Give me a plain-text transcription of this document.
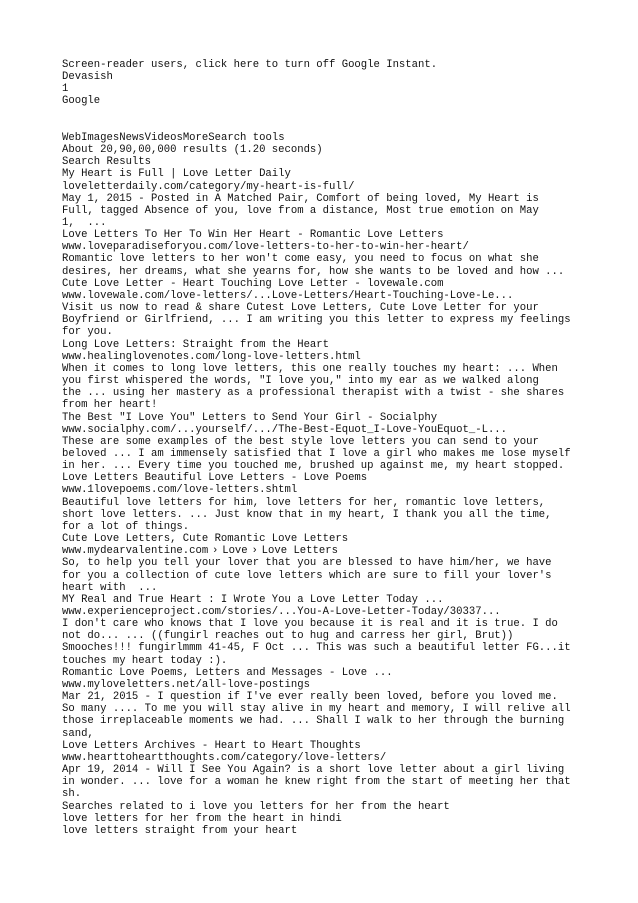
Screen-reader users, click here to turn off Google Instant.
Devasish
1
Google
WebImagesNewsVideosMoreSearch tools
About 20,90,00,000 results (1.20 seconds)
Search Results
My Heart is Full | Love Letter Daily
loveletterdaily.com/category/my-heart-is-full/
May 1, 2015 - Posted in A Matched Pair, Comfort of being loved, My Heart is
Full, tagged Absence of you, love from a distance, Most true emotion on May
1,  ...
Love Letters To Her To Win Her Heart - Romantic Love Letters
www.loveparadiseforyou.com/love-letters-to-her-to-win-her-heart/
Romantic love letters to her won't come easy, you need to focus on what she
desires, her dreams, what she yearns for, how she wants to be loved and how ...
Cute Love Letter - Heart Touching Love Letter - lovewale.com
www.lovewale.com/love-letters/...Love-Letters/Heart-Touching-Love-Le...
Visit us now to read & share Cutest Love Letters, Cute Love Letter for your
Boyfriend or Girlfriend, ... I am writing you this letter to express my feelings
for you.
Long Love Letters: Straight from the Heart
www.healinglovenotes.com/long-love-letters.html
When it comes to long love letters, this one really touches my heart: ... When
you first whispered the words, "I love you," into my ear as we walked along
the ... using her mastery as a professional therapist with a twist - she shares
from her heart!
The Best "I Love You" Letters to Send Your Girl - Socialphy
www.socialphy.com/...yourself/.../The-Best-Equot_I-Love-YouEquot_-L...
These are some examples of the best style love letters you can send to your
beloved ... I am immensely satisfied that I love a girl who makes me lose myself
in her. ... Every time you touched me, brushed up against me, my heart stopped.
Love Letters Beautiful Love Letters - Love Poems
www.1lovepoems.com/love-letters.shtml
Beautiful love letters for him, love letters for her, romantic love letters,
short love letters. ... Just know that in my heart, I thank you all the time,
for a lot of things.
Cute Love Letters, Cute Romantic Love Letters
www.mydearvalentine.com › Love › Love Letters
So, to help you tell your lover that you are blessed to have him/her, we have
for you a collection of cute love letters which are sure to fill your lover's
heart with  ...
MY Real and True Heart : I Wrote You a Love Letter Today ...
www.experienceproject.com/stories/...You-A-Love-Letter-Today/30337...
I don't care who knows that I love you because it is real and it is true. I do
not do... ... ((fungirl reaches out to hug and carress her girl, Brut))
Smooches!!! fungirlmmm 41-45, F Oct ... This was such a beautiful letter FG...it
touches my heart today :).
Romantic Love Poems, Letters and Messages - Love ...
www.myloveletters.net/all-love-postings
Mar 21, 2015 - I question if I've ever really been loved, before you loved me.
So many .... To me you will stay alive in my heart and memory, I will relive all
those irreplaceable moments we had. ... Shall I walk to her through the burning
sand,
Love Letters Archives - Heart to Heart Thoughts
www.hearttoheartthoughts.com/category/love-letters/
Apr 19, 2014 - Will I See You Again? is a short love letter about a girl living
in wonder. ... love for a woman he knew right from the start of meeting her that
sh.
Searches related to i love you letters for her from the heart
love letters for her from the heart in hindi
love letters straight from your heart
